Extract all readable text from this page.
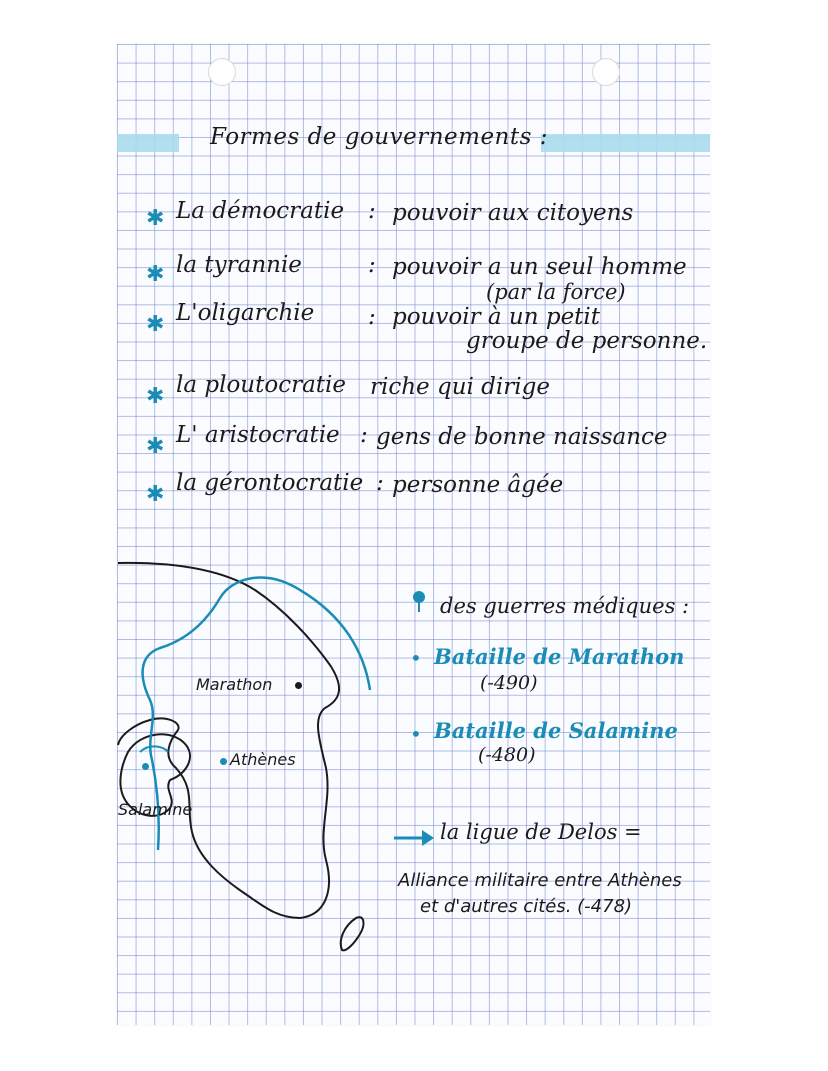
Formes de gouvernements :
✱ La démocratie : pouvoir aux citoyens
✱ la tyrannie	: pouvoir a un seul homme
(par la force)
✱ L'oligarchie : pouvoir à un petit
groupe de personne.
✱ la ploutocratie riche qui dirige
✱ L' aristocratie : gens de bonne naissance
✱ la gérontocratie : personne âgée
Marathon
Athènes
Salamine
des guerres médiques :
• Bataille de Marathon
(-490)
• Bataille de Salamine
(-480)
la ligue de Delos =
Alliance militaire entre Athènes
et d'autres cités. (-478)
